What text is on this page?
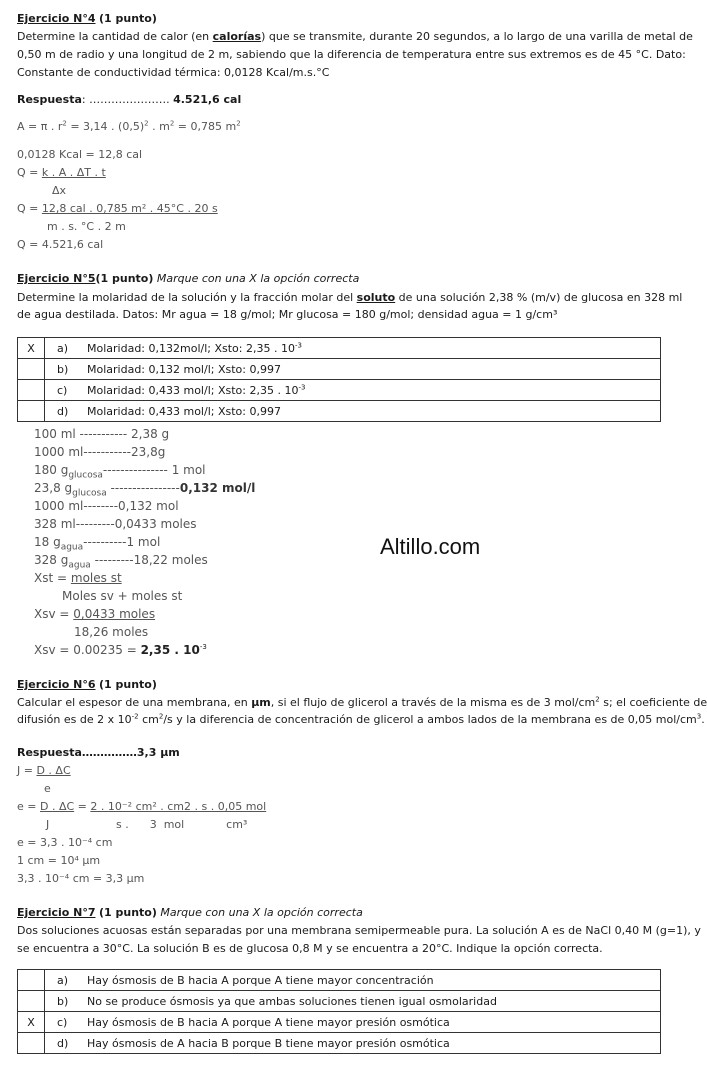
Ejercicio N°4 (1 punto)
Determine la cantidad de calor (en calorías) que se transmite, durante 20 segundos, a lo largo de una varilla de metal de
0,50 m de radio y una longitud de 2 m, sabiendo que la diferencia de temperatura entre sus extremos es de 45 °C. Dato:
Constante de conductividad térmica: 0,0128 Kcal/m.s.°C
Respuesta: …………………. 4.521,6 cal
A = π . $r^2 = 3,14$ . $(0,5)^2$ . $m^2 = 0,785$ $m^2$
0,0128 Kcal = 12,8 cal
Q = k . A . ΔT . t
Δx
Q = 12,8 cal . 0,785 m² . 45°C . 20 s
m . s. °C . 2 m
Q = 4.521,6 cal
Ejercicio N°5(1 punto) Marque con una X la opción correcta
Determine la molaridad de la solución y la fracción molar del soluto de una solución 2,38 % (m/v) de glucosa en 328 ml
de agua destilada. Datos: Mr agua = 18 g/mol; Mr glucosa = 180 g/mol; densidad agua = 1 g/cm³
X	a)	Molaridad: 0,132mol/l; Xsto: 2,35 . $10^{-3}$
	b)	Molaridad: 0,132 mol/l; Xsto: 0,997
	c)	Molaridad: 0,433 mol/l; Xsto: 2,35 . $10^{-3}$
	d)	Molaridad: 0,433 mol/l; Xsto: 0,997
100 ml ----------- 2,38 g
1000 ml-----------23,8g
180 $g_{glucosa}---------------$ 1 mol
23,8 $g_{glucosa}$ ----------------0,132 mol/l
1000 ml--------0,132 mol
328 ml---------0,0433 moles
18 $g_{agua}----------1$ mol
328 $g_{agua}$ ---------18,22 moles
Xst = moles st
Moles sv + moles st
Xsv = 0,0433 moles
18,26 moles
Xsv = 0.00235 = 2,35 . $10^{-3}$
Altillo.com
Ejercicio N°6 (1 punto)
Calcular el espesor de una membrana, en μm, si el flujo de glicerol a través de la misma es de 3 mol/$cm^2$ s; el coeficiente de
difusión es de 2 x $10^{-2}$ $cm^2/s$ y la diferencia de concentración de glicerol a ambos lados de la membrana es de 0,05 mol/$cm^3$.
Respuesta……………3,3 μm
J = D . ΔC
e
e = D . ΔC = 2 . 10⁻² cm² . cm2 . s . 0,05 mol
J	s .      3  mol            cm³
e = 3,3 . 10⁻⁴ cm
1 cm = 10⁴ μm
3,3 . 10⁻⁴ cm = 3,3 μm
Ejercicio N°7 (1 punto) Marque con una X la opción correcta
Dos soluciones acuosas están separadas por una membrana semipermeable pura. La solución A es de NaCl 0,40 M (g=1), y
se encuentra a 30°C. La solución B es de glucosa 0,8 M y se encuentra a 20°C. Indique la opción correcta.
	a)	Hay ósmosis de B hacia A porque A tiene mayor concentración
	b)	No se produce ósmosis ya que ambas soluciones tienen igual osmolaridad
X	c)	Hay ósmosis de B hacia A porque A tiene mayor presión osmótica
	d)	Hay ósmosis de A hacia B porque B tiene mayor presión osmótica
